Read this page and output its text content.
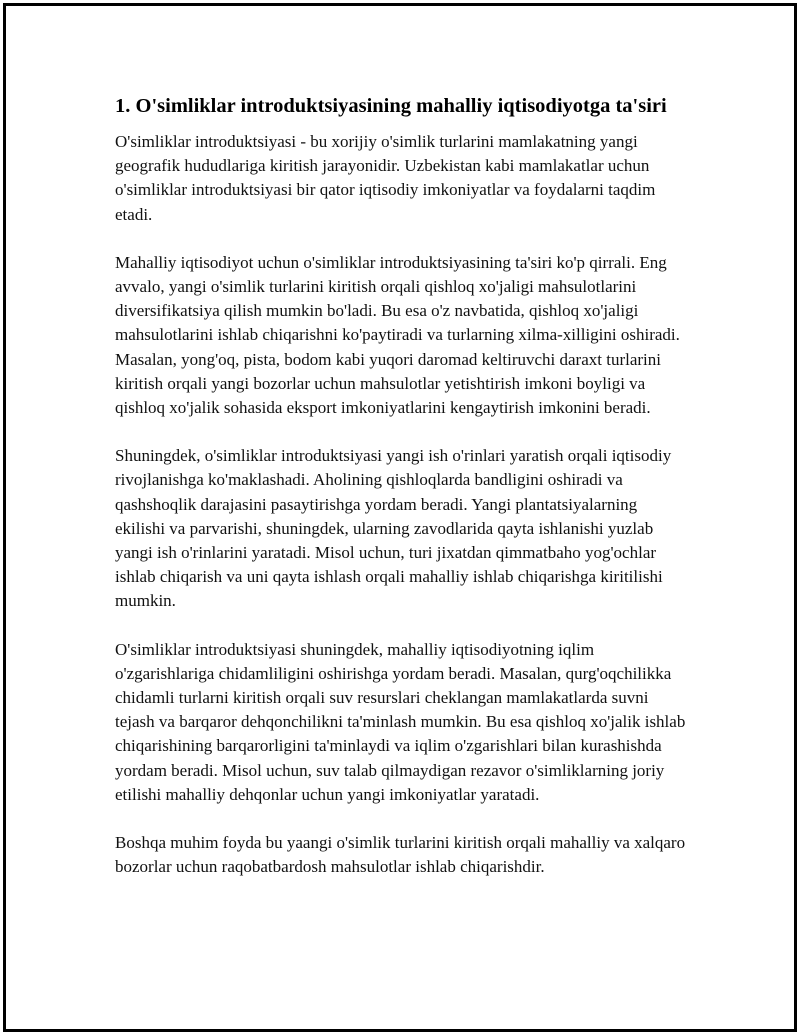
1. O'simliklar introduktsiyasining mahalliy iqtisodiyotga ta'siri

O'simliklar introduktsiyasi - bu xorijiy o'simlik turlarini mamlakatning yangi geografik hududlariga kiritish jarayonidir. Uzbekistan kabi mamlakatlar uchun o'simliklar introduktsiyasi bir qator iqtisodiy imkoniyatlar va foydalarni taqdim etadi.

Mahalliy iqtisodiyot uchun o'simliklar introduktsiyasining ta'siri ko'p qirrali. Eng avvalo, yangi o'simlik turlarini kiritish orqali qishloq xo'jaligi mahsulotlarini diversifikatsiya qilish mumkin bo'ladi. Bu esa o'z navbatida, qishloq xo'jaligi mahsulotlarini ishlab chiqarishni ko'paytiradi va turlarning xilma-xilligini oshiradi. Masalan, yong'oq, pista, bodom kabi yuqori daromad keltiruvchi daraxt turlarini kiritish orqali yangi bozorlar uchun mahsulotlar yetishtirish imkoni boyligi va qishloq xo'jalik sohasida eksport imkoniyatlarini kengaytirish imkonini beradi.

Shuningdek, o'simliklar introduktsiyasi yangi ish o'rinlari yaratish orqali iqtisodiy rivojlanishga ko'maklashadi. Aholining qishloqlarda bandligini oshiradi va qashshoqlik darajasini pasaytirishga yordam beradi. Yangi plantatsiyalarning ekilishi va parvarishi, shuningdek, ularning zavodlarida qayta ishlanishi yuzlab yangi ish o'rinlarini yaratadi. Misol uchun, turi jixatdan qimmatbaho yog'ochlar ishlab chiqarish va uni qayta ishlash orqali mahalliy ishlab chiqarishga kiritilishi mumkin.

O'simliklar introduktsiyasi shuningdek, mahalliy iqtisodiyotning iqlim o'zgarishlariga chidamliligini oshirishga yordam beradi. Masalan, qurg'oqchilikka chidamli turlarni kiritish orqali suv resurslari cheklangan mamlakatlarda suvni tejash va barqaror dehqonchilikni ta'minlash mumkin. Bu esa qishloq xo'jalik ishlab chiqarishining barqarorligini ta'minlaydi va iqlim o'zgarishlari bilan kurashishda yordam beradi. Misol uchun, suv talab qilmaydigan rezavor o'simliklarning joriy etilishi mahalliy dehqonlar uchun yangi imkoniyatlar yaratadi.

Boshqa muhim foyda bu yaangi o'simlik turlarini kiritish orqali mahalliy va xalqaro bozorlar uchun raqobatbardosh mahsulotlar ishlab chiqarishdir.
